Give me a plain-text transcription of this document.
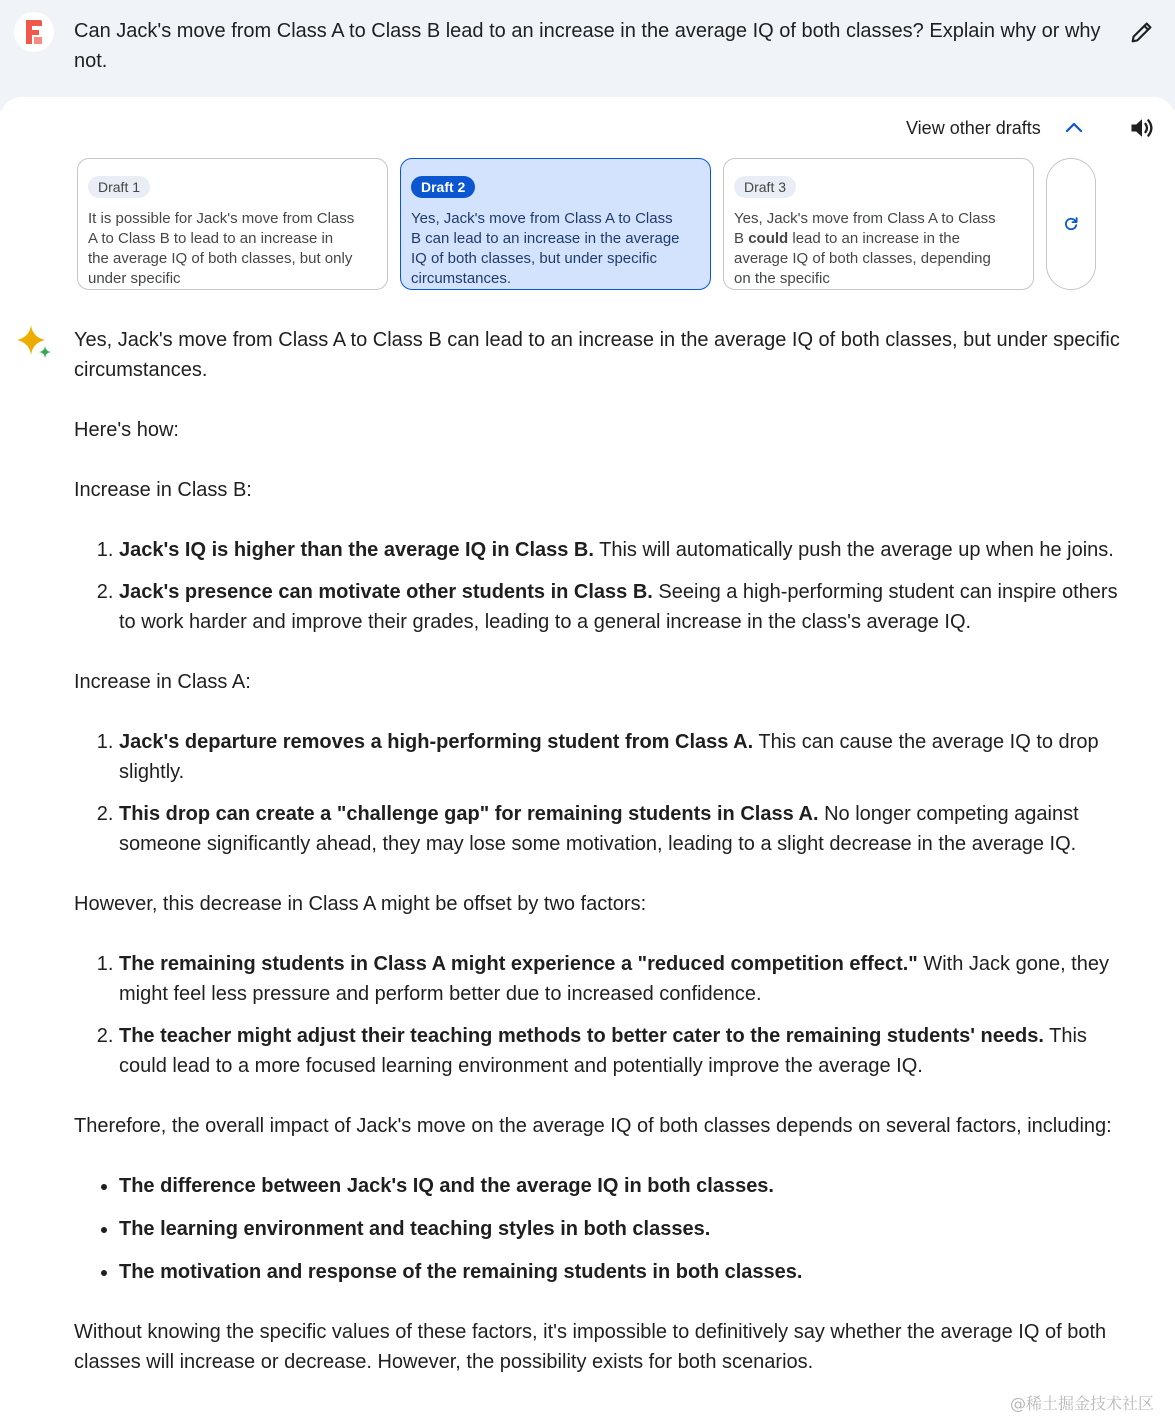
Can Jack's move from Class A to Class B lead to an increase in the average IQ of both classes? Explain why or why not.
View other drafts
Draft 1
It is possible for Jack's move from Class A to Class B to lead to an increase in the average IQ of both classes, but only under specific
Draft 2
Yes, Jack's move from Class A to Class B can lead to an increase in the average IQ of both classes, but under specific circumstances.
Draft 3
Yes, Jack's move from Class A to Class B could lead to an increase in the average IQ of both classes, depending on the specific

Yes, Jack's move from Class A to Class B can lead to an increase in the average IQ of both classes, but under specific circumstances.

Here's how:

Increase in Class B:

1. Jack's IQ is higher than the average IQ in Class B. This will automatically push the average up when he joins.
2. Jack's presence can motivate other students in Class B. Seeing a high-performing student can inspire others to work harder and improve their grades, leading to a general increase in the class's average IQ.

Increase in Class A:

1. Jack's departure removes a high-performing student from Class A. This can cause the average IQ to drop slightly.
2. This drop can create a "challenge gap" for remaining students in Class A. No longer competing against someone significantly ahead, they may lose some motivation, leading to a slight decrease in the average IQ.

However, this decrease in Class A might be offset by two factors:

1. The remaining students in Class A might experience a "reduced competition effect." With Jack gone, they might feel less pressure and perform better due to increased confidence.
2. The teacher might adjust their teaching methods to better cater to the remaining students' needs. This could lead to a more focused learning environment and potentially improve the average IQ.

Therefore, the overall impact of Jack's move on the average IQ of both classes depends on several factors, including:

• The difference between Jack's IQ and the average IQ in both classes.
• The learning environment and teaching styles in both classes.
• The motivation and response of the remaining students in both classes.

Without knowing the specific values of these factors, it's impossible to definitively say whether the average IQ of both classes will increase or decrease. However, the possibility exists for both scenarios.

@稀土掘金技术社区
